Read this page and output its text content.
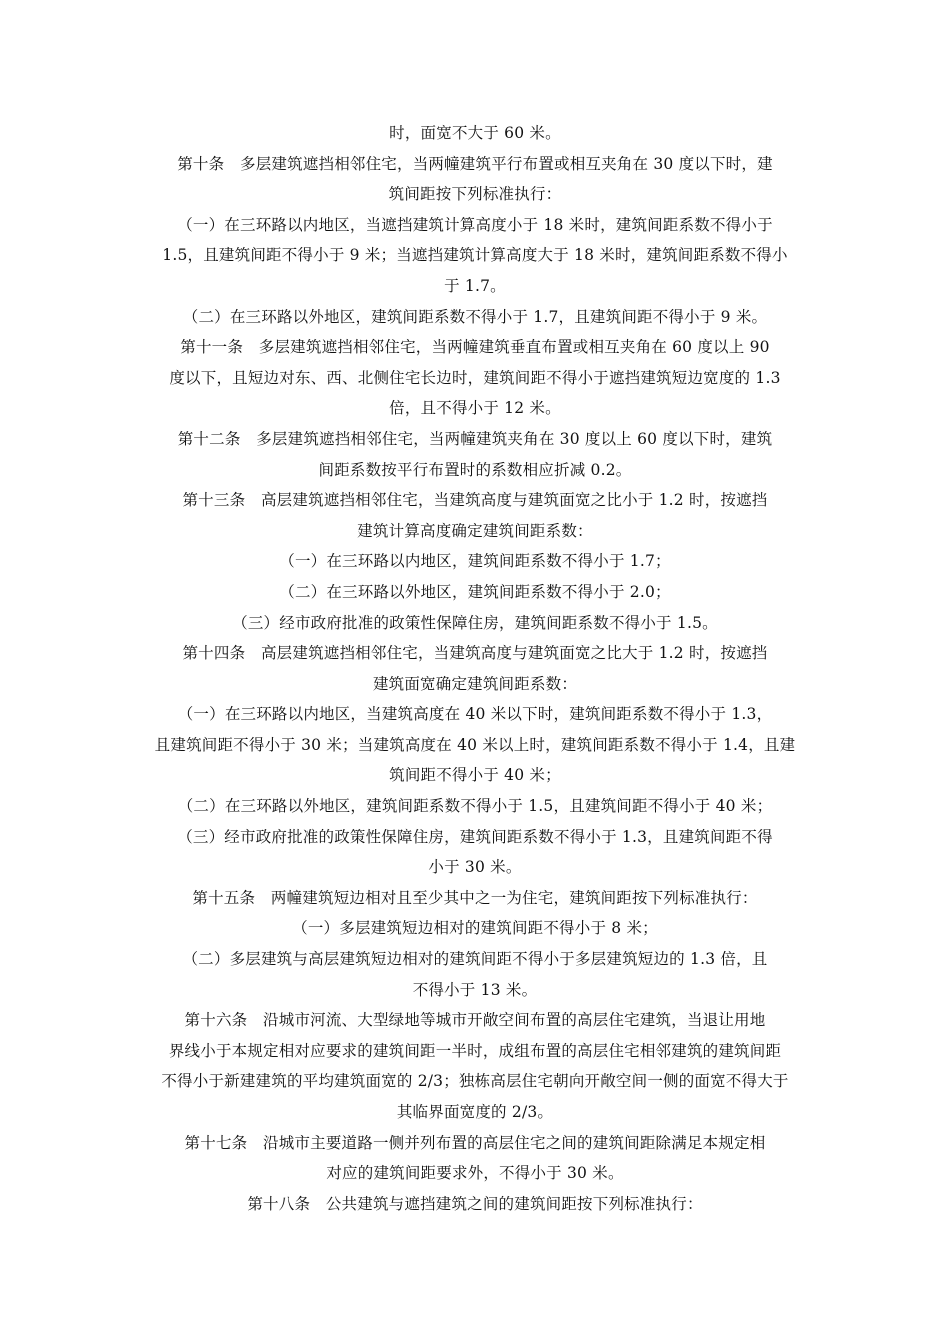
时，面宽不大于 60 米。
第十条　多层建筑遮挡相邻住宅，当两幢建筑平行布置或相互夹角在 30 度以下时，建
筑间距按下列标准执行：
（一）在三环路以内地区，当遮挡建筑计算高度小于 18 米时，建筑间距系数不得小于
1.5，且建筑间距不得小于 9 米；当遮挡建筑计算高度大于 18 米时，建筑间距系数不得小
于 1.7。
（二）在三环路以外地区，建筑间距系数不得小于 1.7，且建筑间距不得小于 9 米。
第十一条　多层建筑遮挡相邻住宅，当两幢建筑垂直布置或相互夹角在 60 度以上 90
度以下，且短边对东、西、北侧住宅长边时，建筑间距不得小于遮挡建筑短边宽度的 1.3
倍，且不得小于 12 米。
第十二条　多层建筑遮挡相邻住宅，当两幢建筑夹角在 30 度以上 60 度以下时，建筑
间距系数按平行布置时的系数相应折减 0.2。
第十三条　高层建筑遮挡相邻住宅，当建筑高度与建筑面宽之比小于 1.2 时，按遮挡
建筑计算高度确定建筑间距系数：
（一）在三环路以内地区，建筑间距系数不得小于 1.7；
（二）在三环路以外地区，建筑间距系数不得小于 2.0；
（三）经市政府批准的政策性保障住房，建筑间距系数不得小于 1.5。
第十四条　高层建筑遮挡相邻住宅，当建筑高度与建筑面宽之比大于 1.2 时，按遮挡
建筑面宽确定建筑间距系数：
（一）在三环路以内地区，当建筑高度在 40 米以下时，建筑间距系数不得小于 1.3，
且建筑间距不得小于 30 米；当建筑高度在 40 米以上时，建筑间距系数不得小于 1.4，且建
筑间距不得小于 40 米；
（二）在三环路以外地区，建筑间距系数不得小于 1.5，且建筑间距不得小于 40 米；
（三）经市政府批准的政策性保障住房，建筑间距系数不得小于 1.3，且建筑间距不得
小于 30 米。
第十五条　两幢建筑短边相对且至少其中之一为住宅，建筑间距按下列标准执行：
（一）多层建筑短边相对的建筑间距不得小于 8 米；
（二）多层建筑与高层建筑短边相对的建筑间距不得小于多层建筑短边的 1.3 倍，且
不得小于 13 米。
第十六条　沿城市河流、大型绿地等城市开敞空间布置的高层住宅建筑，当退让用地
界线小于本规定相对应要求的建筑间距一半时，成组布置的高层住宅相邻建筑的建筑间距
不得小于新建建筑的平均建筑面宽的 2/3；独栋高层住宅朝向开敞空间一侧的面宽不得大于
其临界面宽度的 2/3。
第十七条　沿城市主要道路一侧并列布置的高层住宅之间的建筑间距除满足本规定相
对应的建筑间距要求外，不得小于 30 米。
第十八条　公共建筑与遮挡建筑之间的建筑间距按下列标准执行：
